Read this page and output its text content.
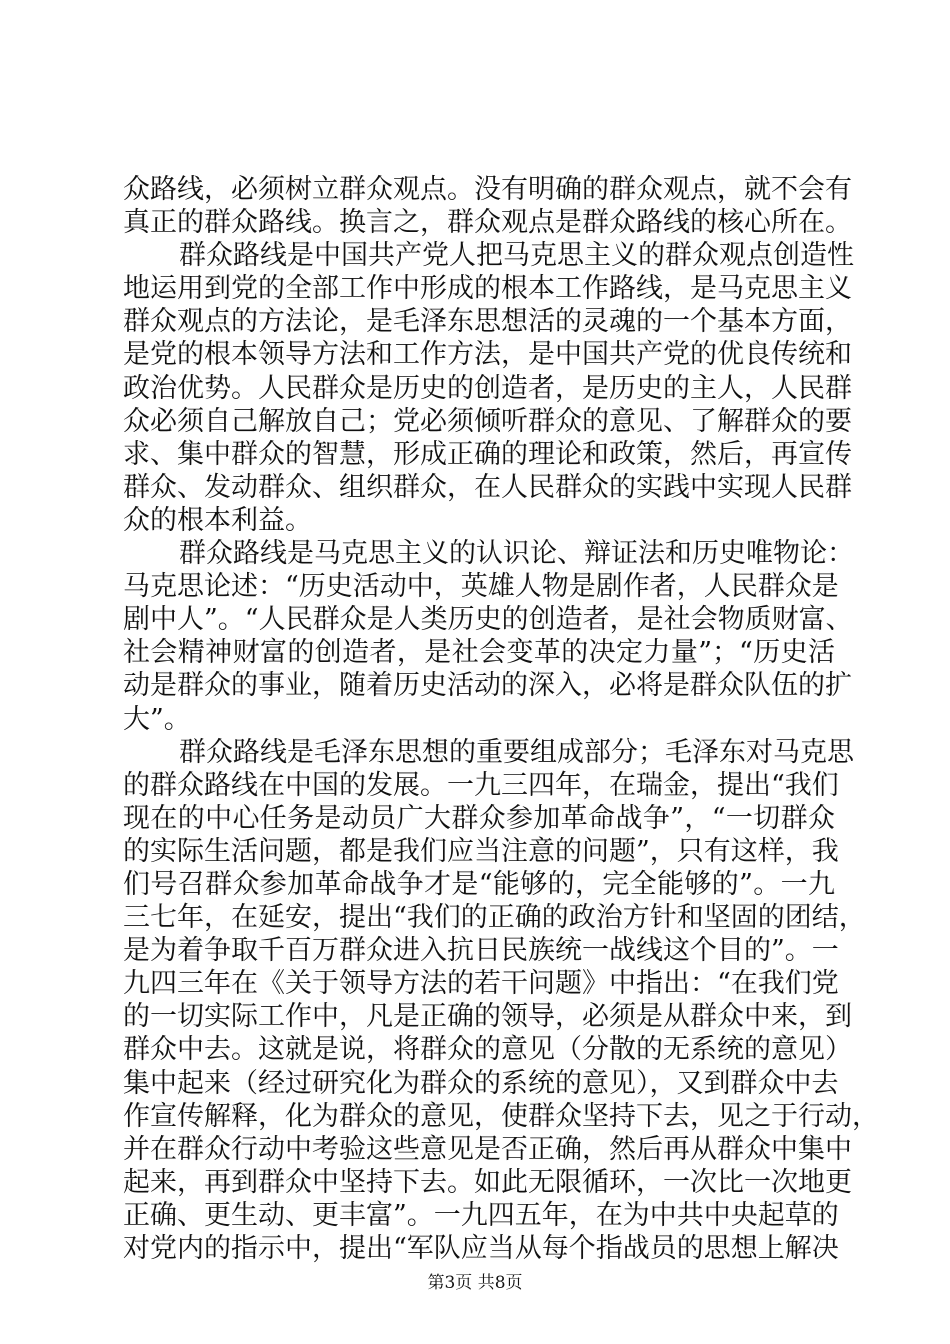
众路线，必须树立群众观点。没有明确的群众观点，就不会有
真正的群众路线。换言之，群众观点是群众路线的核心所在。
群众路线是中国共产党人把马克思主义的群众观点创造性
地运用到党的全部工作中形成的根本工作路线，是马克思主义
群众观点的方法论，是毛泽东思想活的灵魂的一个基本方面，
是党的根本领导方法和工作方法，是中国共产党的优良传统和
政治优势。人民群众是历史的创造者，是历史的主人，人民群
众必须自己解放自己；党必须倾听群众的意见、了解群众的要
求、集中群众的智慧，形成正确的理论和政策，然后，再宣传
群众、发动群众、组织群众，在人民群众的实践中实现人民群
众的根本利益。
群众路线是马克思主义的认识论、辩证法和历史唯物论：
马克思论述：“历史活动中，英雄人物是剧作者，人民群众是
剧中人”。“人民群众是人类历史的创造者，是社会物质财富、
社会精神财富的创造者，是社会变革的决定力量”；“历史活
动是群众的事业，随着历史活动的深入，必将是群众队伍的扩
大”。
群众路线是毛泽东思想的重要组成部分；毛泽东对马克思
的群众路线在中国的发展。一九三四年，在瑞金，提出“我们
现在的中心任务是动员广大群众参加革命战争”，“一切群众
的实际生活问题，都是我们应当注意的问题”，只有这样，我
们号召群众参加革命战争才是“能够的，完全能够的”。一九
三七年，在延安，提出“我们的正确的政治方针和坚固的团结，
是为着争取千百万群众进入抗日民族统一战线这个目的”。一
九四三年在《关于领导方法的若干问题》中指出：“在我们党
的一切实际工作中，凡是正确的领导，必须是从群众中来，到
群众中去。这就是说，将群众的意见（分散的无系统的意见）
集中起来（经过研究化为群众的系统的意见），又到群众中去
作宣传解释，化为群众的意见，使群众坚持下去，见之于行动，
并在群众行动中考验这些意见是否正确，然后再从群众中集中
起来，再到群众中坚持下去。如此无限循环，一次比一次地更
正确、更生动、更丰富”。一九四五年，在为中共中央起草的
对党内的指示中，提出“军队应当从每个指战员的思想上解决
第3页 共8页
